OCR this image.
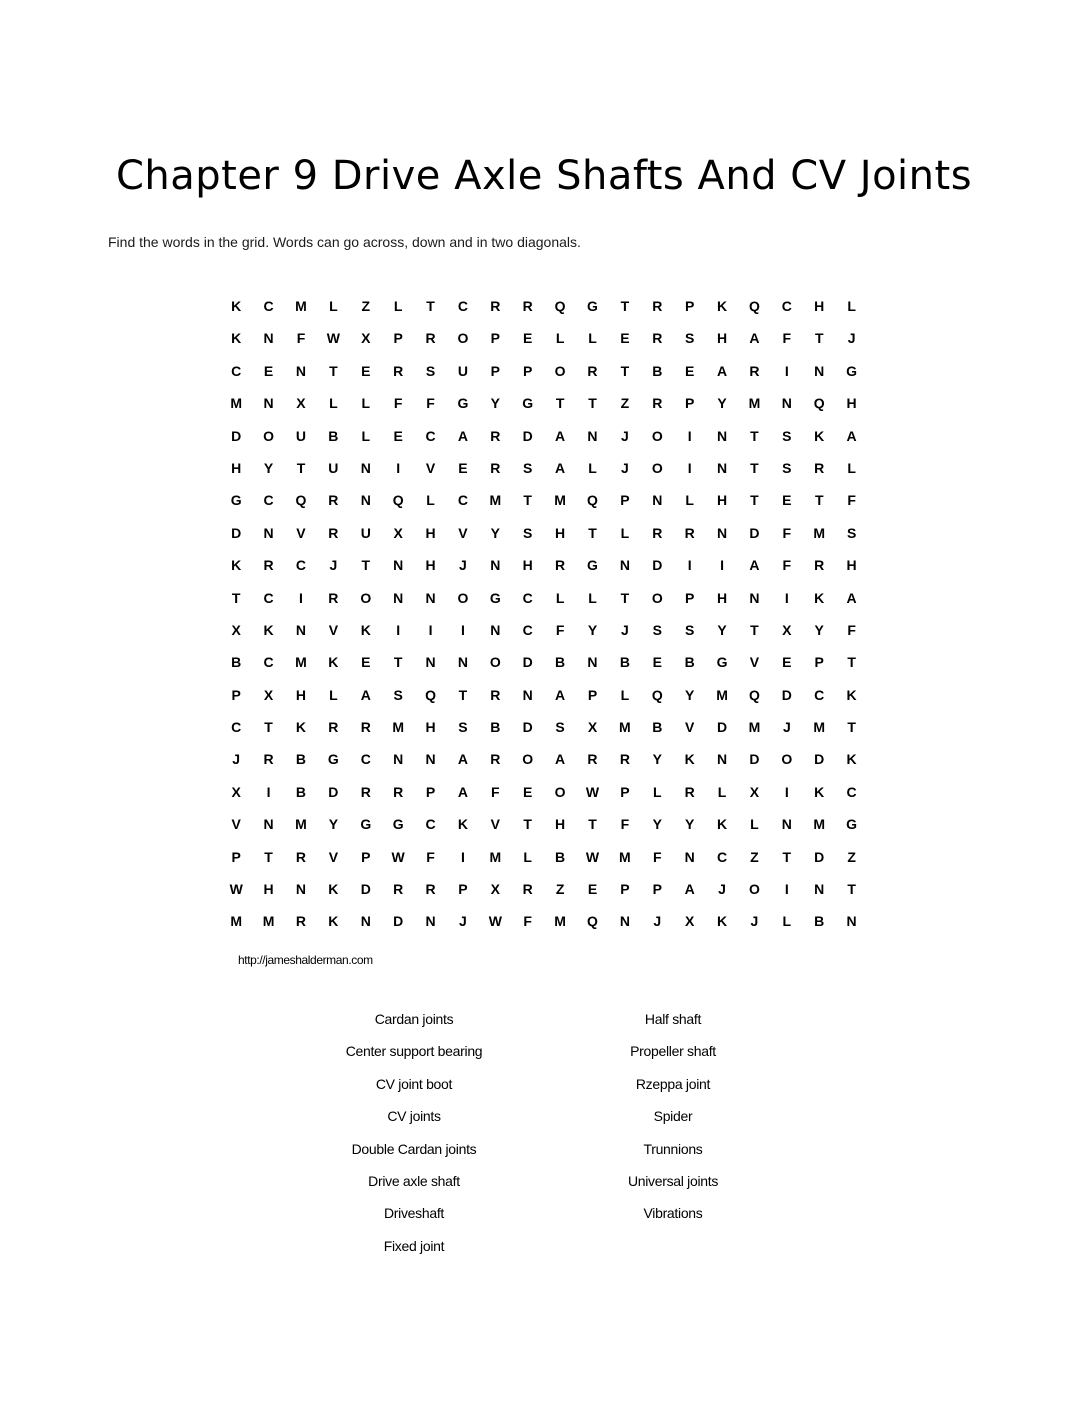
Chapter 9 Drive Axle Shafts And CV Joints
Find the words in the grid. Words can go across, down and in two diagonals.
K C M L Z L T C R R Q G T R P K Q C H L
K N F W X P R O P E L L E R S H A F T J
C E N T E R S U P P O R T B E A R I N G
M N X L L F F G Y G T T Z R P Y M N Q H
D O U B L E C A R D A N J O I N T S K A
H Y T U N I V E R S A L J O I N T S R L
G C Q R N Q L C M T M Q P N L H T E T F
D N V R U X H V Y S H T L R R N D F M S
K R C J T N H J N H R G N D I I A F R H
T C I R O N N O G C L L T O P H N I K A
X K N V K I I I N C F Y J S S Y T X Y F
B C M K E T N N O D B N B E B G V E P T
P X H L A S Q T R N A P L Q Y M Q D C K
C T K R R M H S B D S X M B V D M J M T
J R B G C N N A R O A R R Y K N D O D K
X I B D R R P A F E O W P L R L X I K C
V N M Y G G C K V T H T F Y Y K L N M G
P T R V P W F I M L B W M F N C Z T D Z
W H N K D R R P X R Z E P P A J O I N T
M M R K N D N J W F M Q N J X K J L B N
http://jameshalderman.com
Cardan joints
Center support bearing
CV joint boot
CV joints
Double Cardan joints
Drive axle shaft
Driveshaft
Fixed joint
Half shaft
Propeller shaft
Rzeppa joint
Spider
Trunnions
Universal joints
Vibrations
